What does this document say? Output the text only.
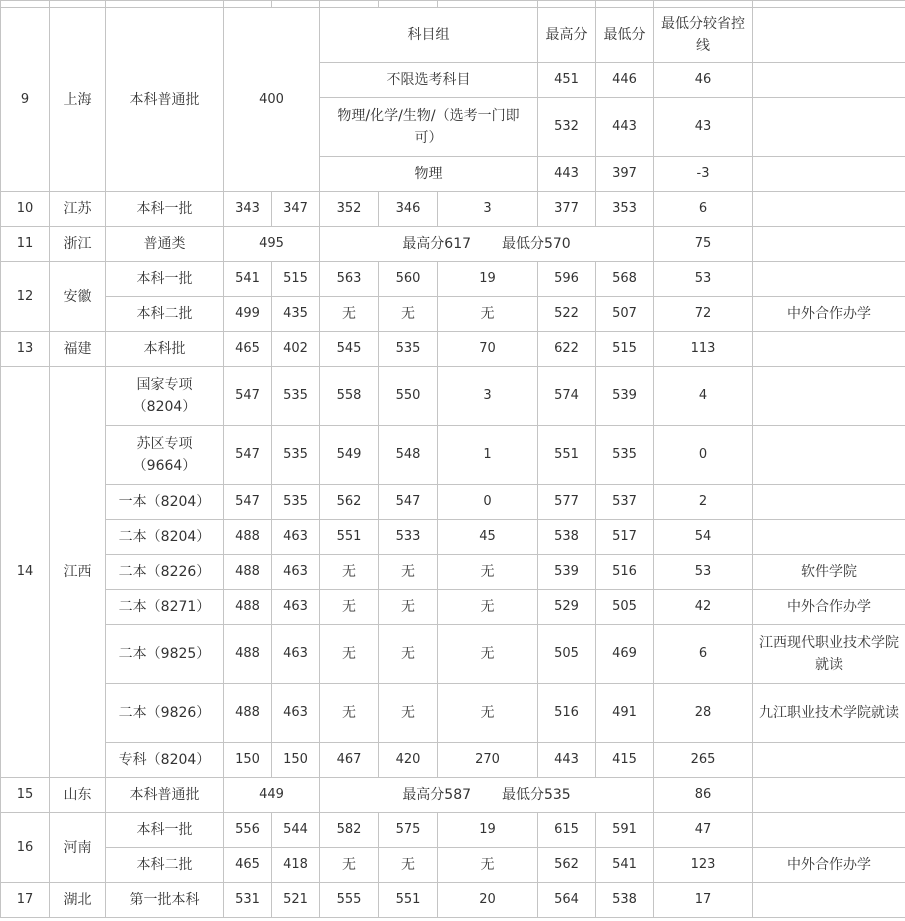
9	上海	本科普通批	400		科目组			最高分	最低分	最低分较省控线	
					不限选考科目			451	446	46	
					物理/化学/生物/（选考一门即可）			532	443	43	
					物理			443	397	-3	
10	江苏	本科一批	343	347	352	346	3	377	353	6	
11	浙江	普通类	495		最高分617 最低分570					75	
12	安徽	本科一批	541	515	563	560	19	596	568	53	
		本科二批	499	435	无	无	无	522	507	72	中外合作办学
13	福建	本科批	465	402	545	535	70	622	515	113	
14	江西	国家专项（8204）	547	535	558	550	3	574	539	4	
		苏区专项（9664）	547	535	549	548	1	551	535	0	
		一本（8204）	547	535	562	547	0	577	537	2	
		二本（8204）	488	463	551	533	45	538	517	54	
		二本（8226）	488	463	无	无	无	539	516	53	软件学院
		二本（8271）	488	463	无	无	无	529	505	42	中外合作办学
		二本（9825）	488	463	无	无	无	505	469	6	江西现代职业技术学院就读
		二本（9826）	488	463	无	无	无	516	491	28	九江职业技术学院就读
		专科（8204）	150	150	467	420	270	443	415	265	
15	山东	本科普通批	449		最高分587 最低分535					86	
16	河南	本科一批	556	544	582	575	19	615	591	47	
		本科二批	465	418	无	无	无	562	541	123	中外合作办学
17	湖北	第一批本科	531	521	555	551	20	564	538	17	
